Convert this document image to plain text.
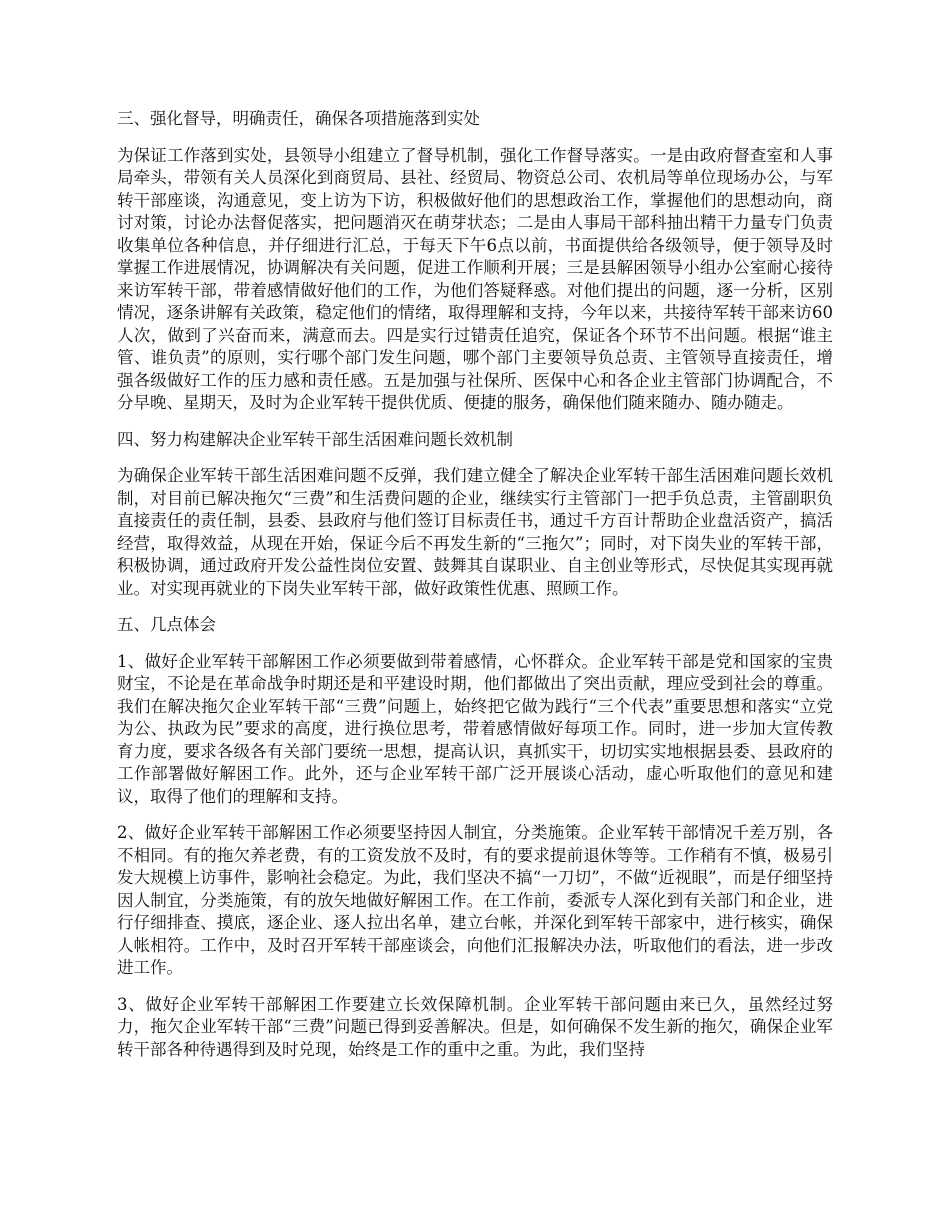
三、强化督导，明确责任，确保各项措施落到实处

为保证工作落到实处，县领导小组建立了督导机制，强化工作督导落实。一是由政府督查室和人事局牵头，带领有关人员深化到商贸局、县社、经贸局、物资总公司、农机局等单位现场办公，与军转干部座谈，沟通意见，变上访为下访，积极做好他们的思想政治工作，掌握他们的思想动向，商讨对策，讨论办法督促落实，把问题消灭在萌芽状态；二是由人事局干部科抽出精干力量专门负责收集单位各种信息，并仔细进行汇总，于每天下午6点以前，书面提供给各级领导，便于领导及时掌握工作进展情况，协调解决有关问题，促进工作顺利开展；三是县解困领导小组办公室耐心接待来访军转干部，带着感情做好他们的工作，为他们答疑释惑。对他们提出的问题，逐一分析，区别情况，逐条讲解有关政策，稳定他们的情绪，取得理解和支持，今年以来，共接待军转干部来访60人次，做到了兴奋而来，满意而去。四是实行过错责任追究，保证各个环节不出问题。根据“谁主管、谁负责”的原则，实行哪个部门发生问题，哪个部门主要领导负总责、主管领导直接责任，增强各级做好工作的压力感和责任感。五是加强与社保所、医保中心和各企业主管部门协调配合，不分早晚、星期天，及时为企业军转干提供优质、便捷的服务，确保他们随来随办、随办随走。

四、努力构建解决企业军转干部生活困难问题长效机制

为确保企业军转干部生活困难问题不反弹，我们建立健全了解决企业军转干部生活困难问题长效机制，对目前已解决拖欠“三费”和生活费问题的企业，继续实行主管部门一把手负总责，主管副职负直接责任的责任制，县委、县政府与他们签订目标责任书，通过千方百计帮助企业盘活资产，搞活经营，取得效益，从现在开始，保证今后不再发生新的“三拖欠”；同时，对下岗失业的军转干部，积极协调，通过政府开发公益性岗位安置、鼓舞其自谋职业、自主创业等形式，尽快促其实现再就业。对实现再就业的下岗失业军转干部，做好政策性优惠、照顾工作。

五、几点体会

1、做好企业军转干部解困工作必须要做到带着感情，心怀群众。企业军转干部是党和国家的宝贵财宝，不论是在革命战争时期还是和平建设时期，他们都做出了突出贡献，理应受到社会的尊重。我们在解决拖欠企业军转干部“三费”问题上，始终把它做为践行“三个代表”重要思想和落实“立党为公、执政为民”要求的高度，进行换位思考，带着感情做好每项工作。同时，进一步加大宣传教育力度，要求各级各有关部门要统一思想，提高认识，真抓实干，切切实实地根据县委、县政府的工作部署做好解困工作。此外，还与企业军转干部广泛开展谈心活动，虚心听取他们的意见和建议，取得了他们的理解和支持。

2、做好企业军转干部解困工作必须要坚持因人制宜，分类施策。企业军转干部情况千差万别，各不相同。有的拖欠养老费，有的工资发放不及时，有的要求提前退休等等。工作稍有不慎，极易引发大规模上访事件，影响社会稳定。为此，我们坚决不搞“一刀切”，不做“近视眼”，而是仔细坚持因人制宜，分类施策，有的放矢地做好解困工作。在工作前，委派专人深化到有关部门和企业，进行仔细排查、摸底，逐企业、逐人拉出名单，建立台帐，并深化到军转干部家中，进行核实，确保人帐相符。工作中，及时召开军转干部座谈会，向他们汇报解决办法，听取他们的看法，进一步改进工作。

3、做好企业军转干部解困工作要建立长效保障机制。企业军转干部问题由来已久，虽然经过努力，拖欠企业军转干部“三费”问题已得到妥善解决。但是，如何确保不发生新的拖欠，确保企业军转干部各种待遇得到及时兑现，始终是工作的重中之重。为此，我们坚持
